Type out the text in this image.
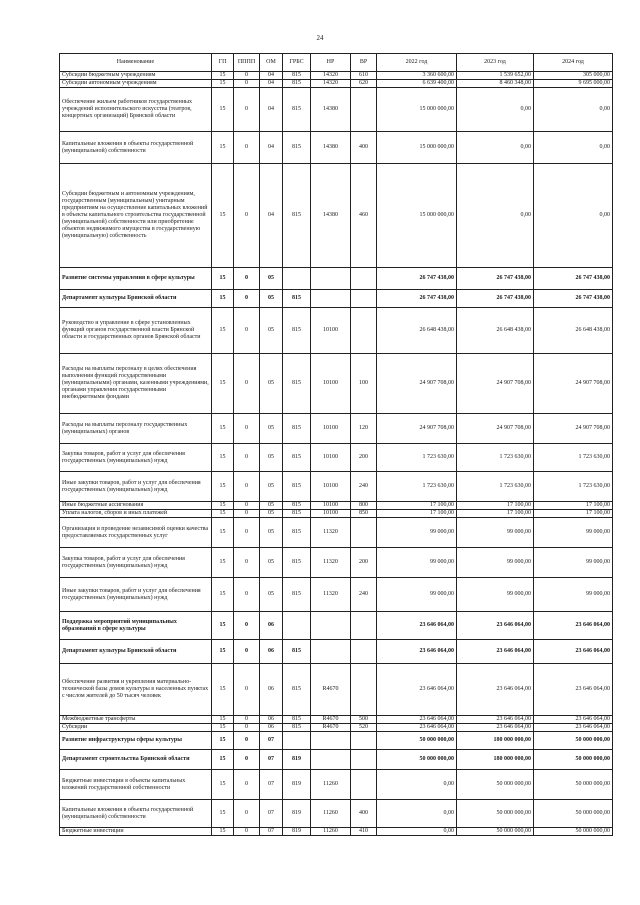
24
Наименование	ГП	ПППП	ОМ	ГРБС	НР	ВР	2022 год	2023 год	2024 год
Субсидии бюджетным учреждениям	15	0	04	815	14320	610	3 360 600,00	1 539 652,00	305 000,00
Субсидии автономным учреждениям	15	0	04	815	14320	620	6 639 400,00	8 460 348,00	9 695 000,00
Обеспечение жильем работников государственных учреждений исполнительского искусства (театров, концертных организаций) Брянской области	15	0	04	815	14380		15 000 000,00	0,00	0,00
Капитальные вложения в объекты государственной (муниципальной) собственности	15	0	04	815	14380	400	15 000 000,00	0,00	0,00
Субсидии бюджетным и автономным учреждениям, государственным (муниципальным) унитарным предприятиям на осуществление капитальных вложений в объекты капитального строительства государственной (муниципальной) собственности или приобретение объектов недвижимого имущества в государственную (муниципальную) собственность	15	0	04	815	14380	460	15 000 000,00	0,00	0,00
Развитие системы управления в сфере культуры	15	0	05				26 747 438,00	26 747 438,00	26 747 438,00
Департамент культуры Брянской области	15	0	05	815			26 747 438,00	26 747 438,00	26 747 438,00
Руководство и управление в сфере установленных функций органов государственной власти Брянской области и государственных органов Брянской области	15	0	05	815	10100		26 648 438,00	26 648 438,00	26 648 438,00
Расходы на выплаты персоналу в целях обеспечения выполнения функций государственными (муниципальными) органами, казенными учреждениями, органами управления государственными внебюджетными фондами	15	0	05	815	10100	100	24 907 708,00	24 907 708,00	24 907 708,00
Расходы на выплаты персоналу государственных (муниципальных) органов	15	0	05	815	10100	120	24 907 708,00	24 907 708,00	24 907 708,00
Закупка товаров, работ и услуг для обеспечения государственных (муниципальных) нужд	15	0	05	815	10100	200	1 723 630,00	1 723 630,00	1 723 630,00
Иные закупки товаров, работ и услуг для обеспечения государственных (муниципальных) нужд	15	0	05	815	10100	240	1 723 630,00	1 723 630,00	1 723 630,00
Иные бюджетные ассигнования	15	0	05	815	10100	800	17 100,00	17 100,00	17 100,00
Уплата налогов, сборов и иных платежей	15	0	05	815	10100	850	17 100,00	17 100,00	17 100,00
Организация и проведение независимой оценки качества предоставляемых государственных услуг	15	0	05	815	11320		99 000,00	99 000,00	99 000,00
Закупка товаров, работ и услуг для обеспечения государственных (муниципальных) нужд	15	0	05	815	11320	200	99 000,00	99 000,00	99 000,00
Иные закупки товаров, работ и услуг для обеспечения государственных (муниципальных) нужд	15	0	05	815	11320	240	99 000,00	99 000,00	99 000,00
Поддержка мероприятий муниципальных образований в сфере культуры	15	0	06				23 646 064,00	23 646 064,00	23 646 064,00
Департамент культуры Брянской области	15	0	06	815			23 646 064,00	23 646 064,00	23 646 064,00
Обеспечение развития и укрепления материально-технической базы домов культуры в населенных пунктах с числом жителей до 50 тысяч человек	15	0	06	815	R4670		23 646 064,00	23 646 064,00	23 646 064,00
Межбюджетные трансферты	15	0	06	815	R4670	500	23 646 064,00	23 646 064,00	23 646 064,00
Субсидии	15	0	06	815	R4670	520	23 646 064,00	23 646 064,00	23 646 064,00
Развитие инфраструктуры сферы культуры	15	0	07				50 000 000,00	180 000 000,00	50 000 000,00
Департамент строительства Брянской области	15	0	07	819			50 000 000,00	180 000 000,00	50 000 000,00
Бюджетные инвестиции в объекты капитальных вложений государственной собственности	15	0	07	819	11260		0,00	50 000 000,00	50 000 000,00
Капитальные вложения в объекты государственной (муниципальной) собственности	15	0	07	819	11260	400	0,00	50 000 000,00	50 000 000,00
Бюджетные инвестиции	15	0	07	819	11260	410	0,00	50 000 000,00	50 000 000,00
